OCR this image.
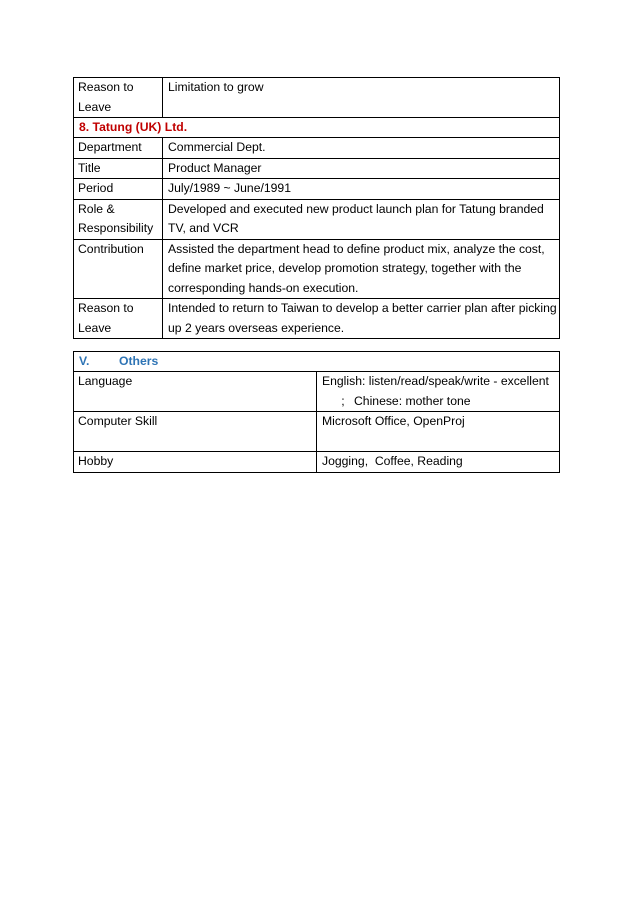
Reason to Leave	Limitation to grow
8. Tatung (UK) Ltd.	
Department	Commercial Dept.
Title	Product Manager
Period	July/1989 ~ June/1991
Role & Responsibility	Developed and executed new product launch plan for Tatung branded TV, and VCR
Contribution	Assisted the department head to define product mix, analyze the cost, define market price, develop promotion strategy, together with the corresponding hands-on execution.
Reason to Leave	Intended to return to Taiwan to develop a better carrier plan after picking up 2 years overseas experience.
V. Others	
Language	English: listen/read/speak/write - excellent; Chinese: mother tone
Computer Skill	Microsoft Office, OpenProj
Hobby	Jogging,  Coffee, Reading
